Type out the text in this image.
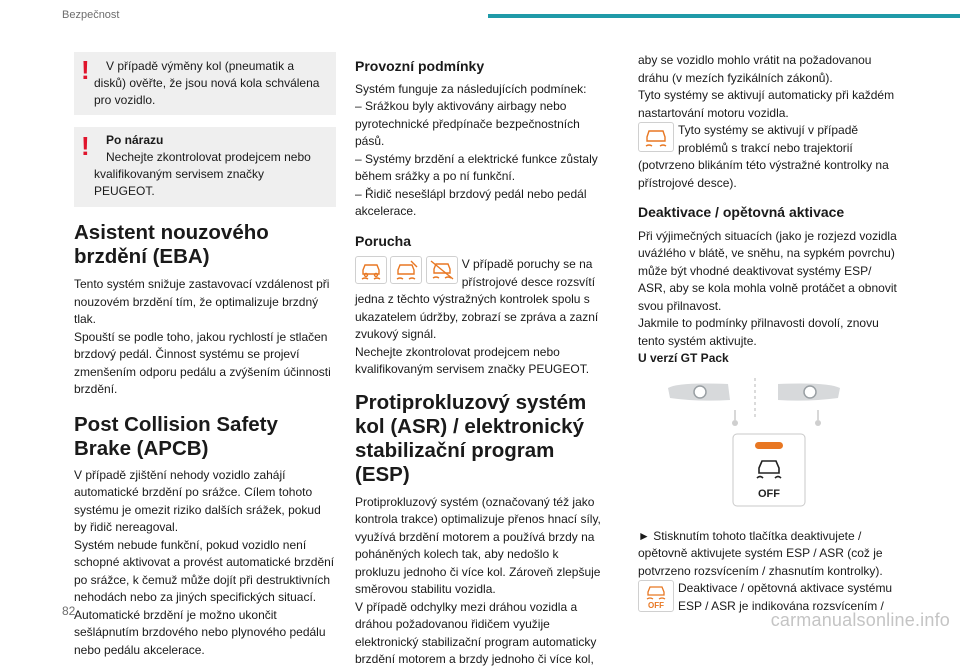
Bezpečnost
!	V případě výměny kol (pneumatik a disků) ověřte, že jsou nová kola schválena pro vozidlo.

!	Po nárazu

Nechejte zkontrolovat prodejcem nebo kvalifikovaným servisem značky PEUGEOT.

Asistent nouzového brzdění (EBA)

Tento systém snižuje zastavovací vzdálenost při nouzovém brzdění tím, že optimalizuje brzdný tlak.

Spouští se podle toho, jakou rychlostí je stlačen brzdový pedál. Činnost systému se projeví zmenšením odporu pedálu a zvýšením účinnosti brzdění.

Post Collision Safety Brake (APCB)

V případě zjištění nehody vozidlo zahájí automatické brzdění po srážce. Cílem tohoto systému je omezit riziko dalších srážek, pokud by řidič nereagoval.

Systém nebude funkční, pokud vozidlo není schopné aktivovat a provést automatické brzdění po srážce, k čemuž může dojít při destruktivních nehodách nebo za jiných specifických situací.

Automatické brzdění je možno ukončit sešlápnutím brzdového nebo plynového pedálu nebo pedálu akcelerace.

Provozní podmínky

Systém funguje za následujících podmínek:

– Srážkou byly aktivovány airbagy nebo pyrotechnické předpínače bezpečnostních pásů.

– Systémy brzdění a elektrické funkce zůstaly během srážky a po ní funkční.

– Řidič nesešlápl brzdový pedál nebo pedál akcelerace.

Porucha

V případě poruchy se na přístrojové desce rozsvítí jedna z těchto výstražných kontrolek spolu s ukazatelem údržby, zobrazí se zpráva a zazní zvukový signál.

Nechejte zkontrolovat prodejcem nebo kvalifikovaným servisem značky PEUGEOT.

Protiprokluzový systém kol (ASR) / elektronický stabilizační program (ESP)

Protiprokluzový systém (označovaný též jako kontrola trakce) optimalizuje přenos hnací síly, využívá brzdění motorem a používá brzdy na poháněných kolech tak, aby nedošlo k prokluzu jednoho či více kol. Zároveň zlepšuje směrovou stabilitu vozidla.

V případě odchylky mezi dráhou vozidla a dráhou požadovanou řidičem využije elektronický stabilizační program automaticky brzdění motorem a brzdy jednoho či více kol,

aby se vozidlo mohlo vrátit na požadovanou dráhu (v mezích fyzikálních zákonů).

Tyto systémy se aktivují automaticky při každém nastartování motoru vozidla.

Tyto systémy se aktivují v případě problémů s trakcí nebo trajektorií (potvrzeno blikáním této výstražné kontrolky na přístrojové desce).

Deaktivace / opětovná aktivace

Při výjimečných situacích (jako je rozjezd vozidla uváźlého v blátě, ve sněhu, na sypkém povrchu) může být vhodné deaktivovat systémy ESP/ ASR, aby se kola mohla volně protáčet a obnovit svou přilnavost.

Jakmile to podmínky přilnavosti dovolí, znovu tento systém aktivujte.

U verzí GT Pack

OFF

► Stisknutím tohoto tlačítka deaktivujete / opětovně aktivujete systém ESP / ASR (což je potvrzeno rozsvícením / zhasnutím kontrolky).

OFF

Deaktivace / opětovná aktivace systému ESP / ASR je indikována rozsvícením /

82	carmanualsonline.info
